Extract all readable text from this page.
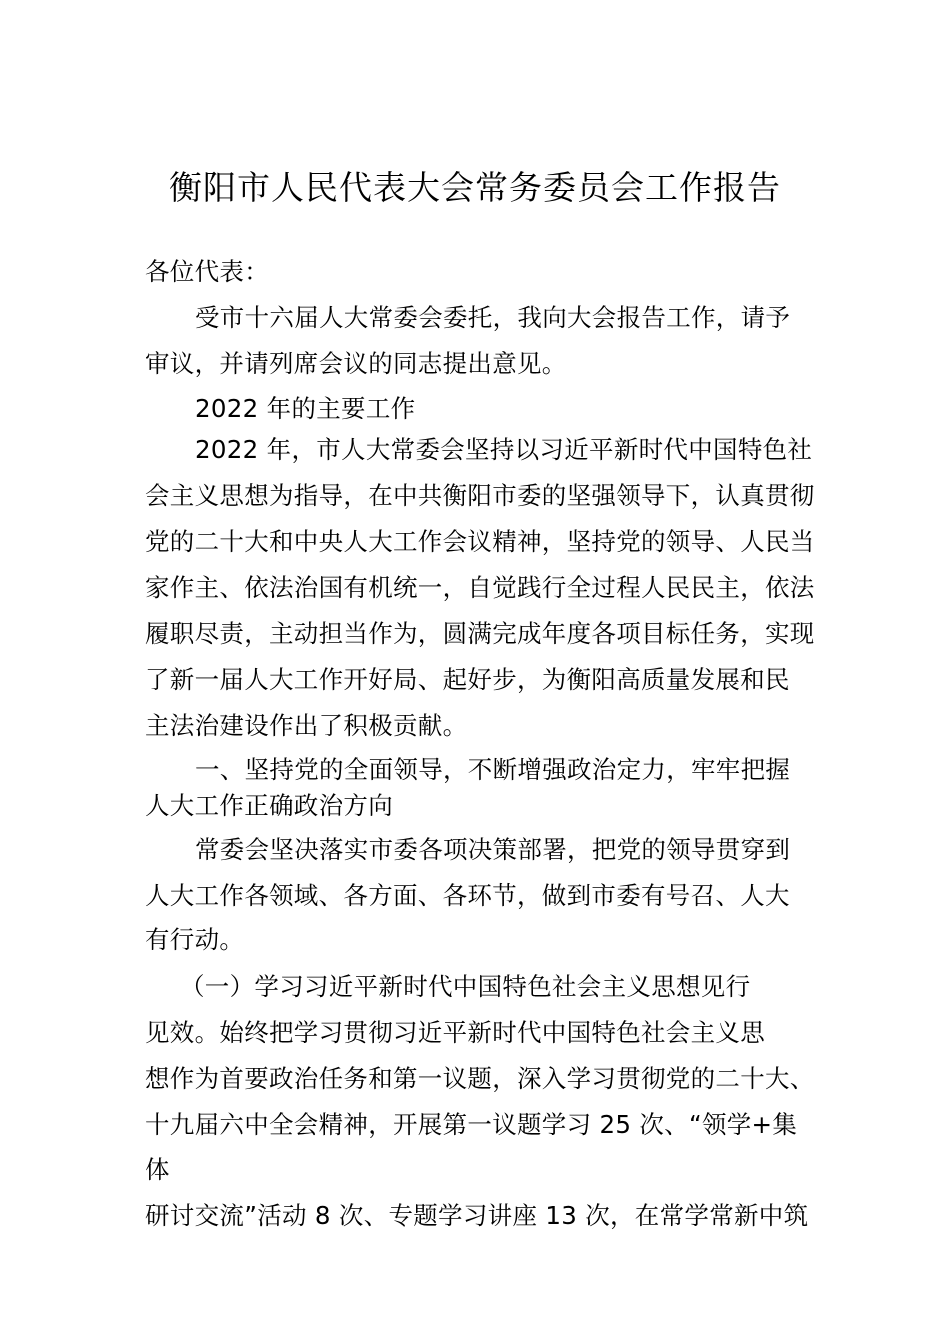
衡阳市人民代表大会常务委员会工作报告
各位代表：
受市十六届人大常委会委托，我向大会报告工作，请予
审议，并请列席会议的同志提出意见。
2022 年的主要工作
2022 年，市人大常委会坚持以习近平新时代中国特色社
会主义思想为指导，在中共衡阳市委的坚强领导下，认真贯彻
党的二十大和中央人大工作会议精神，坚持党的领导、人民当
家作主、依法治国有机统一，自觉践行全过程人民民主，依法
履职尽责，主动担当作为，圆满完成年度各项目标任务，实现
了新一届人大工作开好局、起好步，为衡阳高质量发展和民
主法治建设作出了积极贡献。
一、坚持党的全面领导，不断增强政治定力，牢牢把握
人大工作正确政治方向
常委会坚决落实市委各项决策部署，把党的领导贯穿到
人大工作各领域、各方面、各环节，做到市委有号召、人大
有行动。
（一）学习习近平新时代中国特色社会主义思想见行
见效。始终把学习贯彻习近平新时代中国特色社会主义思
想作为首要政治任务和第一议题，深入学习贯彻党的二十大、
十九届六中全会精神，开展第一议题学习 25 次、“领学+集
体
研讨交流”活动 8 次、专题学习讲座 13 次，在常学常新中筑
